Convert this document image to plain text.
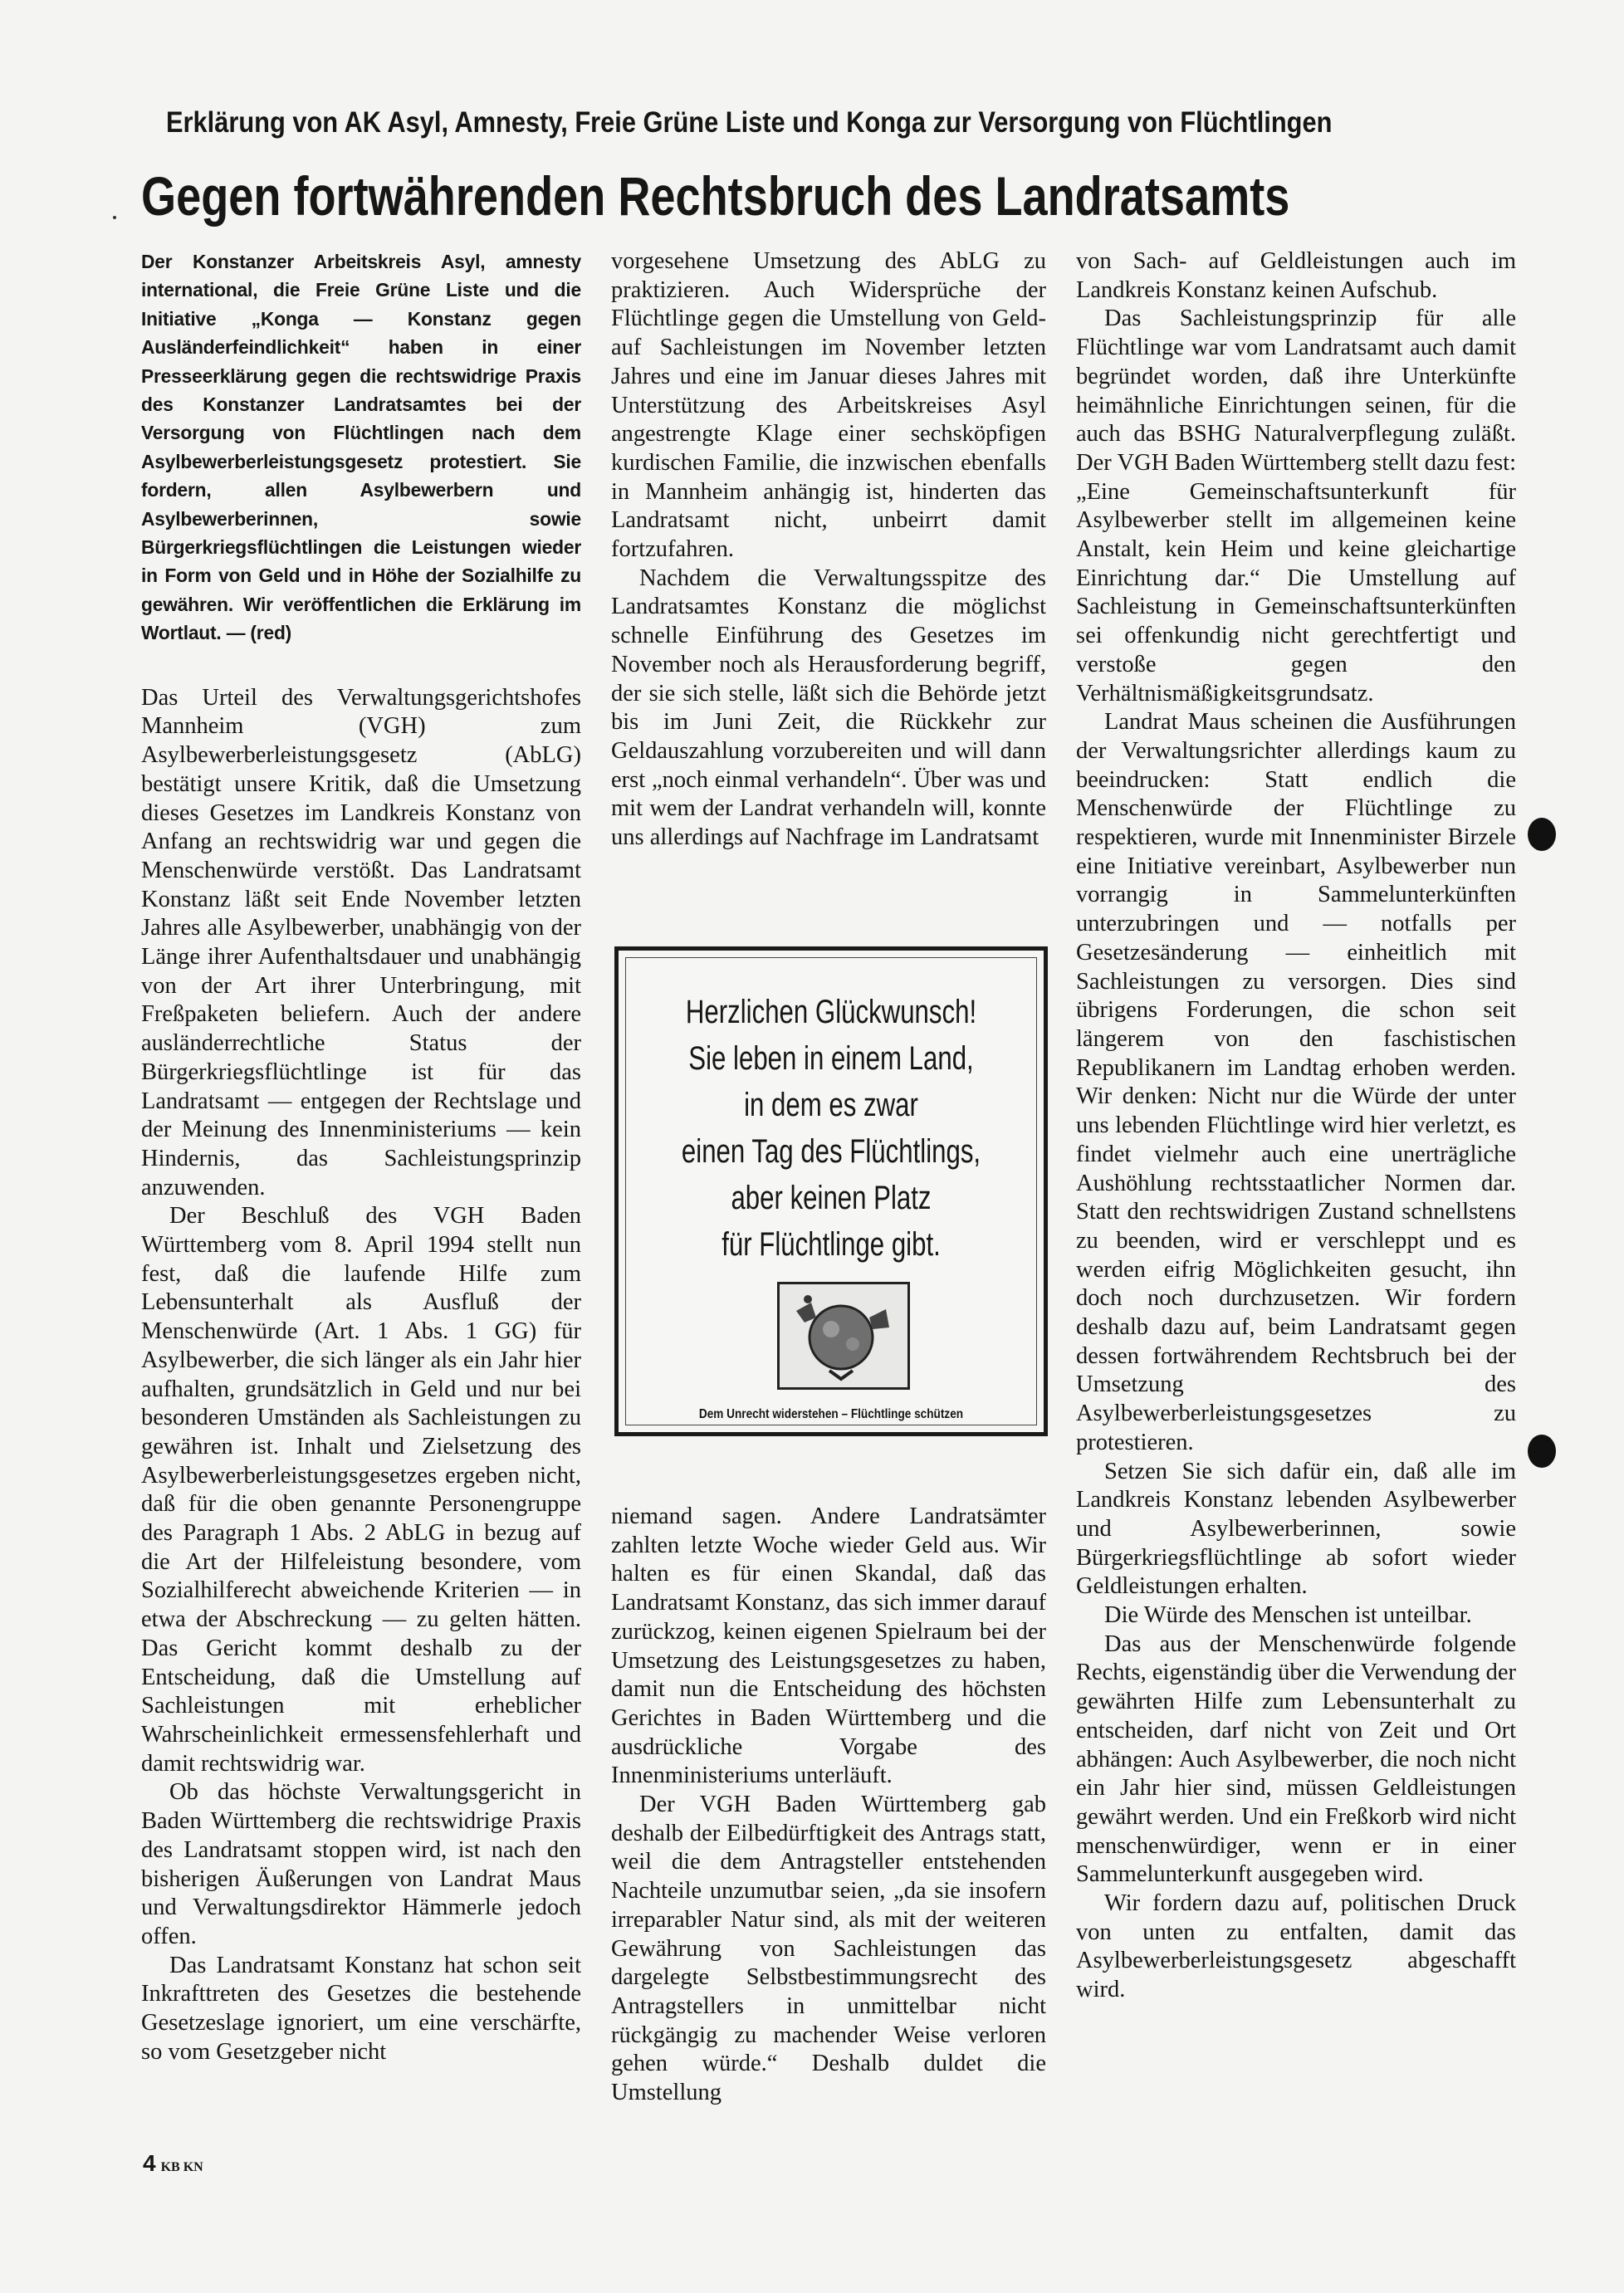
Erklärung von AK Asyl, Amnesty, Freie Grüne Liste und Konga zur Versorgung von Flüchtlingen
Gegen fortwährenden Rechtsbruch des Landratsamts
Der Konstanzer Arbeitskreis Asyl, amnesty international, die Freie Grüne Liste und die Initiative „Konga — Konstanz gegen Ausländerfeindlichkeit“ haben in einer Presseerklärung gegen die rechtswidrige Praxis des Konstanzer Landratsamtes bei der Versorgung von Flüchtlingen nach dem Asylbewerberleistungsgesetz protestiert. Sie fordern, allen Asylbewerbern und Asylbewerberinnen, sowie Bürgerkriegsflüchtlingen die Leistungen wieder in Form von Geld und in Höhe der Sozialhilfe zu gewähren. Wir veröffentlichen die Erklärung im Wortlaut. — (red)

Das Urteil des Verwaltungsgerichtshofes Mannheim (VGH) zum Asylbewerberleistungsgesetz (AbLG) bestätigt unsere Kritik, daß die Umsetzung dieses Gesetzes im Landkreis Konstanz von Anfang an rechtswidrig war und gegen die Menschenwürde verstößt. Das Landratsamt Konstanz läßt seit Ende November letzten Jahres alle Asylbewerber, unabhängig von der Länge ihrer Aufenthaltsdauer und unabhängig von der Art ihrer Unterbringung, mit Freßpaketen beliefern. Auch der andere ausländerrechtliche Status der Bürgerkriegsflüchtlinge ist für das Landratsamt — entgegen der Rechtslage und der Meinung des Innenministeriums — kein Hindernis, das Sachleistungsprinzip anzuwenden.

Der Beschluß des VGH Baden Württemberg vom 8. April 1994 stellt nun fest, daß die laufende Hilfe zum Lebensunterhalt als Ausfluß der Menschenwürde (Art. 1 Abs. 1 GG) für Asylbewerber, die sich länger als ein Jahr hier aufhalten, grundsätzlich in Geld und nur bei besonderen Umständen als Sachleistungen zu gewähren ist. Inhalt und Zielsetzung des Asylbewerberleistungsgesetzes ergeben nicht, daß für die oben genannte Personengruppe des Paragraph 1 Abs. 2 AbLG in bezug auf die Art der Hilfeleistung besondere, vom Sozialhilferecht abweichende Kriterien — in etwa der Abschreckung — zu gelten hätten. Das Gericht kommt deshalb zu der Entscheidung, daß die Umstellung auf Sachleistungen mit erheblicher Wahrscheinlichkeit ermessensfehlerhaft und damit rechtswidrig war.

Ob das höchste Verwaltungsgericht in Baden Württemberg die rechtswidrige Praxis des Landratsamt stoppen wird, ist nach den bisherigen Äußerungen von Landrat Maus und Verwaltungsdirektor Hämmerle jedoch offen.

Das Landratsamt Konstanz hat schon seit Inkrafttreten des Gesetzes die bestehende Gesetzeslage ignoriert, um eine verschärfte, so vom Gesetzgeber nicht

vorgesehene Umsetzung des AbLG zu praktizieren. Auch Widersprüche der Flüchtlinge gegen die Umstellung von Geld- auf Sachleistungen im November letzten Jahres und eine im Januar dieses Jahres mit Unterstützung des Arbeitskreises Asyl angestrengte Klage einer sechsköpfigen kurdischen Familie, die inzwischen ebenfalls in Mannheim anhängig ist, hinderten das Landratsamt nicht, unbeirrt damit fortzufahren.

Nachdem die Verwaltungsspitze des Landratsamtes Konstanz die möglichst schnelle Einführung des Gesetzes im November noch als Herausforderung begriff, der sie sich stelle, läßt sich die Behörde jetzt bis im Juni Zeit, die Rückkehr zur Geldauszahlung vorzubereiten und will dann erst „noch einmal verhandeln“. Über was und mit wem der Landrat verhandeln will, konnte uns allerdings auf Nachfrage im Landratsamt

Herzlichen Glückwunsch!
Sie leben in einem Land,
in dem es zwar
einen Tag des Flüchtlings,
aber keinen Platz
für Flüchtlinge gibt.
Dem Unrecht widerstehen – Flüchtlinge schützen

niemand sagen. Andere Landratsämter zahlten letzte Woche wieder Geld aus. Wir halten es für einen Skandal, daß das Landratsamt Konstanz, das sich immer darauf zurückzog, keinen eigenen Spielraum bei der Umsetzung des Leistungsgesetzes zu haben, damit nun die Entscheidung des höchsten Gerichtes in Baden Württemberg und die ausdrückliche Vorgabe des Innenministeriums unterläuft.

Der VGH Baden Württemberg gab deshalb der Eilbedürftigkeit des Antrags statt, weil die dem Antragsteller entstehenden Nachteile unzumutbar seien, „da sie insofern irreparabler Natur sind, als mit der weiteren Gewährung von Sachleistungen das dargelegte Selbstbestimmungsrecht des Antragstellers in unmittelbar nicht rückgängig zu machender Weise verloren gehen würde.“ Deshalb duldet die Umstellung

von Sach- auf Geldleistungen auch im Landkreis Konstanz keinen Aufschub.

Das Sachleistungsprinzip für alle Flüchtlinge war vom Landratsamt auch damit begründet worden, daß ihre Unterkünfte heimähnliche Einrichtungen seinen, für die auch das BSHG Naturalverpflegung zuläßt. Der VGH Baden Württemberg stellt dazu fest: „Eine Gemeinschaftsunterkunft für Asylbewerber stellt im allgemeinen keine Anstalt, kein Heim und keine gleichartige Einrichtung dar.“ Die Umstellung auf Sachleistung in Gemeinschaftsunterkünften sei offenkundig nicht gerechtfertigt und verstoße gegen den Verhältnismäßigkeitsgrundsatz.

Landrat Maus scheinen die Ausführungen der Verwaltungsrichter allerdings kaum zu beeindrucken: Statt endlich die Menschenwürde der Flüchtlinge zu respektieren, wurde mit Innenminister Birzele eine Initiative vereinbart, Asylbewerber nun vorrangig in Sammelunterkünften unterzubringen und — notfalls per Gesetzesänderung — einheitlich mit Sachleistungen zu versorgen. Dies sind übrigens Forderungen, die schon seit längerem von den faschistischen Republikanern im Landtag erhoben werden. Wir denken: Nicht nur die Würde der unter uns lebenden Flüchtlinge wird hier verletzt, es findet vielmehr auch eine unerträgliche Aushöhlung rechtsstaatlicher Normen dar. Statt den rechtswidrigen Zustand schnellstens zu beenden, wird er verschleppt und es werden eifrig Möglichkeiten gesucht, ihn doch noch durchzusetzen. Wir fordern deshalb dazu auf, beim Landratsamt gegen dessen fortwährendem Rechtsbruch bei der Umsetzung des Asylbewerberleistungsgesetzes zu protestieren.

Setzen Sie sich dafür ein, daß alle im Landkreis Konstanz lebenden Asylbewerber und Asylbewerberinnen, sowie Bürgerkriegsflüchtlinge ab sofort wieder Geldleistungen erhalten.

Die Würde des Menschen ist unteilbar.

Das aus der Menschenwürde folgende Rechts, eigenständig über die Verwendung der gewährten Hilfe zum Lebensunterhalt zu entscheiden, darf nicht von Zeit und Ort abhängen: Auch Asylbewerber, die noch nicht ein Jahr hier sind, müssen Geldleistungen gewährt werden. Und ein Freßkorb wird nicht menschenwürdiger, wenn er in einer Sammelunterkunft ausgegeben wird.

Wir fordern dazu auf, politischen Druck von unten zu entfalten, damit das Asylbewerberleistungsgesetz abgeschafft wird.

4 KB KN
